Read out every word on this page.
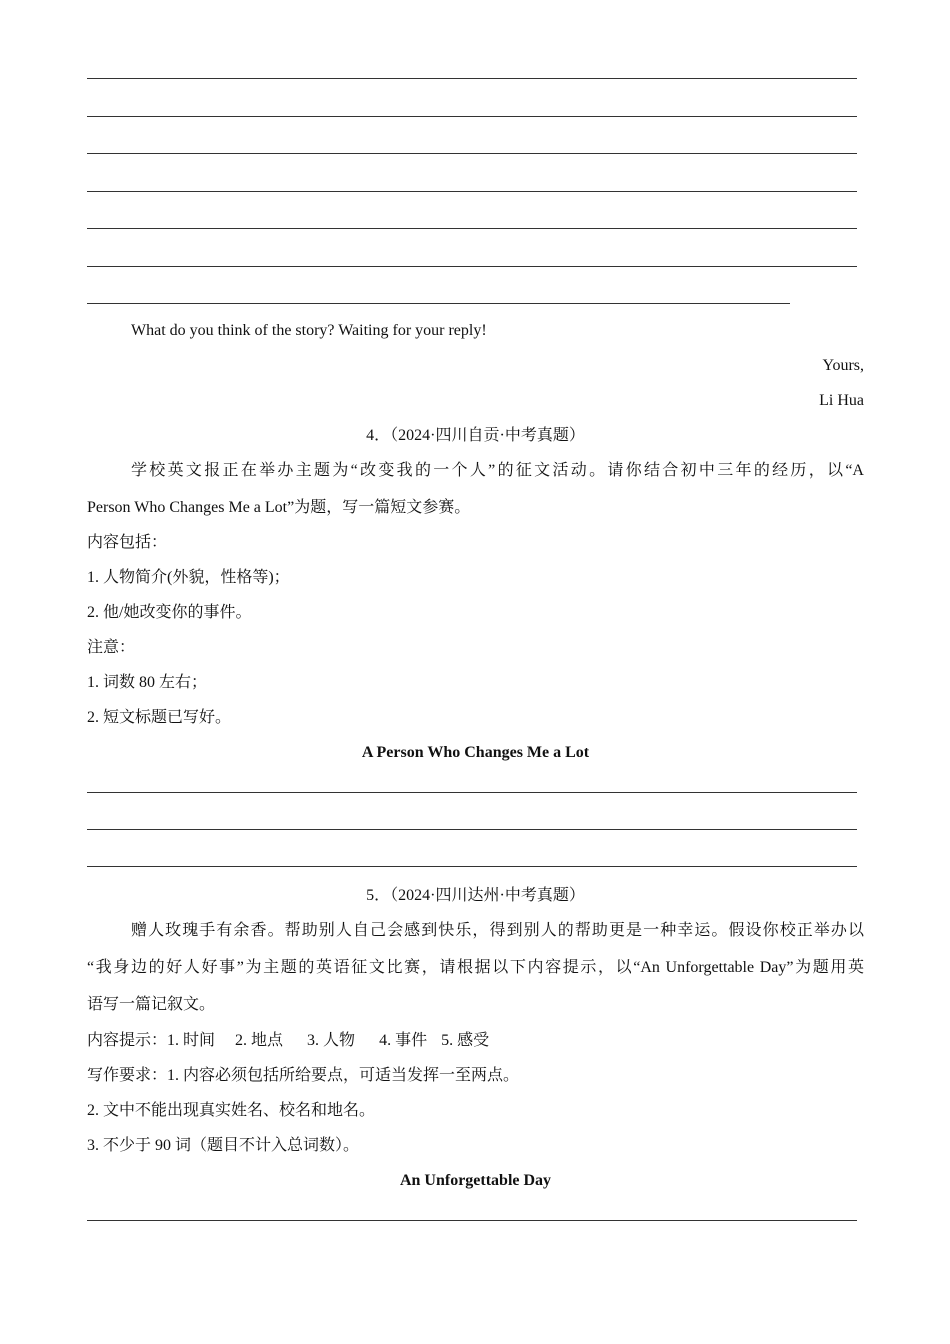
What do you think of the story? Waiting for your reply!
Yours,
Li Hua
4．（2024·四川自贡·中考真题）
学校英文报正在举办主题为“改变我的一个人”的征文活动。请你结合初中三年的经历，以“A
Person Who Changes Me a Lot”为题，写一篇短文参赛。
内容包括：
1. 人物简介(外貌，性格等)；
2. 他/她改变你的事件。
注意：
1. 词数 80 左右；
2. 短文标题已写好。
A Person Who Changes Me a Lot
5．（2024·四川达州·中考真题）
赠人玫瑰手有余香。帮助别人自己会感到快乐，得到别人的帮助更是一种幸运。假设你校正举办以
“我身边的好人好事”为主题的英语征文比赛，请根据以下内容提示，以“An Unforgettable Day”为题用英
语写一篇记叙文。
内容提示：1. 时间 2. 地点 3. 人物 4. 事件 5. 感受
写作要求：1. 内容必须包括所给要点，可适当发挥一至两点。
2. 文中不能出现真实姓名、校名和地名。
3. 不少于 90 词（题目不计入总词数）。
An Unforgettable Day
